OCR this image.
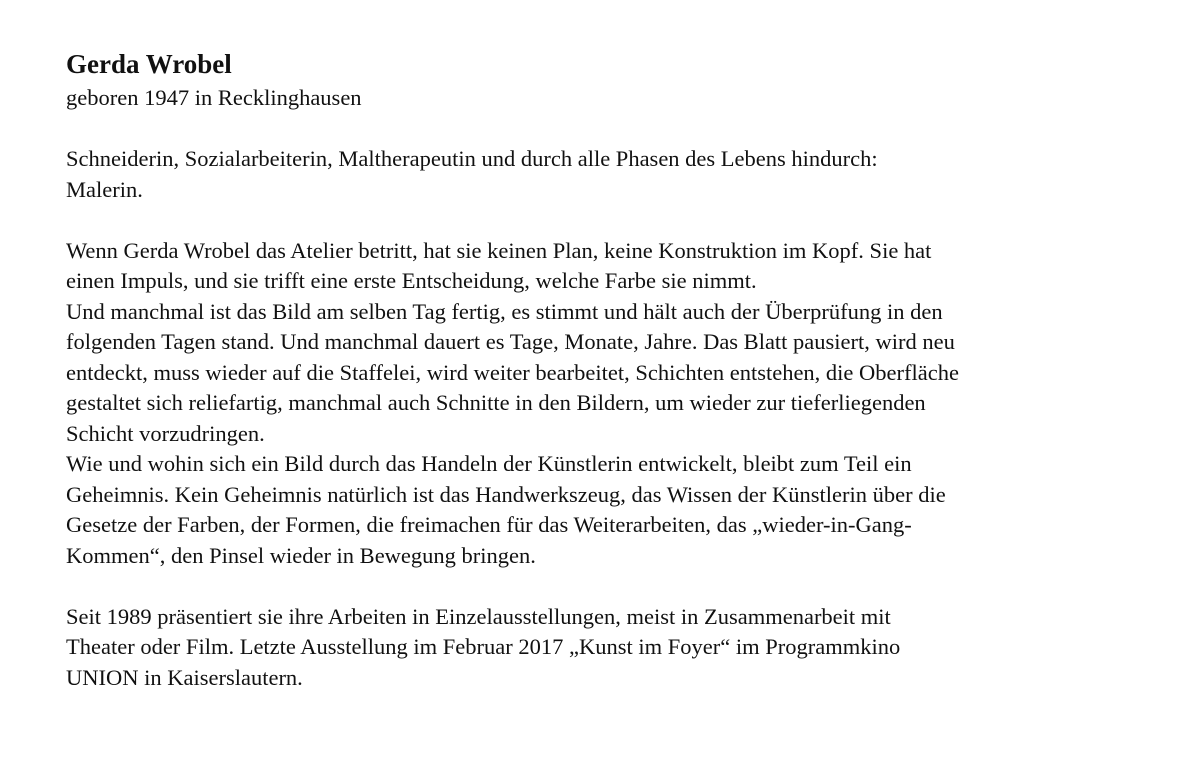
Gerda Wrobel
geboren 1947 in Recklinghausen
Schneiderin, Sozialarbeiterin, Maltherapeutin und durch alle Phasen des Lebens hindurch:
Malerin.
Wenn Gerda Wrobel das Atelier betritt, hat sie keinen Plan, keine Konstruktion im Kopf. Sie hat
einen Impuls, und sie trifft eine erste Entscheidung, welche Farbe sie nimmt.
Und manchmal ist das Bild am selben Tag fertig, es stimmt und hält auch der Überprüfung in den
folgenden Tagen stand. Und manchmal dauert es Tage, Monate, Jahre. Das Blatt pausiert, wird neu
entdeckt, muss wieder auf die Staffelei, wird weiter bearbeitet, Schichten entstehen, die Oberfläche
gestaltet sich reliefartig, manchmal auch Schnitte in den Bildern, um wieder zur tieferliegenden
Schicht vorzudringen.
Wie und wohin sich ein Bild durch das Handeln der Künstlerin entwickelt, bleibt zum Teil ein
Geheimnis. Kein Geheimnis natürlich ist das Handwerkszeug, das Wissen der Künstlerin über die
Gesetze der Farben, der Formen, die freimachen für das Weiterarbeiten, das „wieder-in-Gang-
Kommen“, den Pinsel wieder in Bewegung bringen.
Seit 1989 präsentiert sie ihre Arbeiten in Einzelausstellungen, meist in Zusammenarbeit mit
Theater oder Film. Letzte Ausstellung im Februar 2017 „Kunst im Foyer“ im Programmkino
UNION in Kaiserslautern.
